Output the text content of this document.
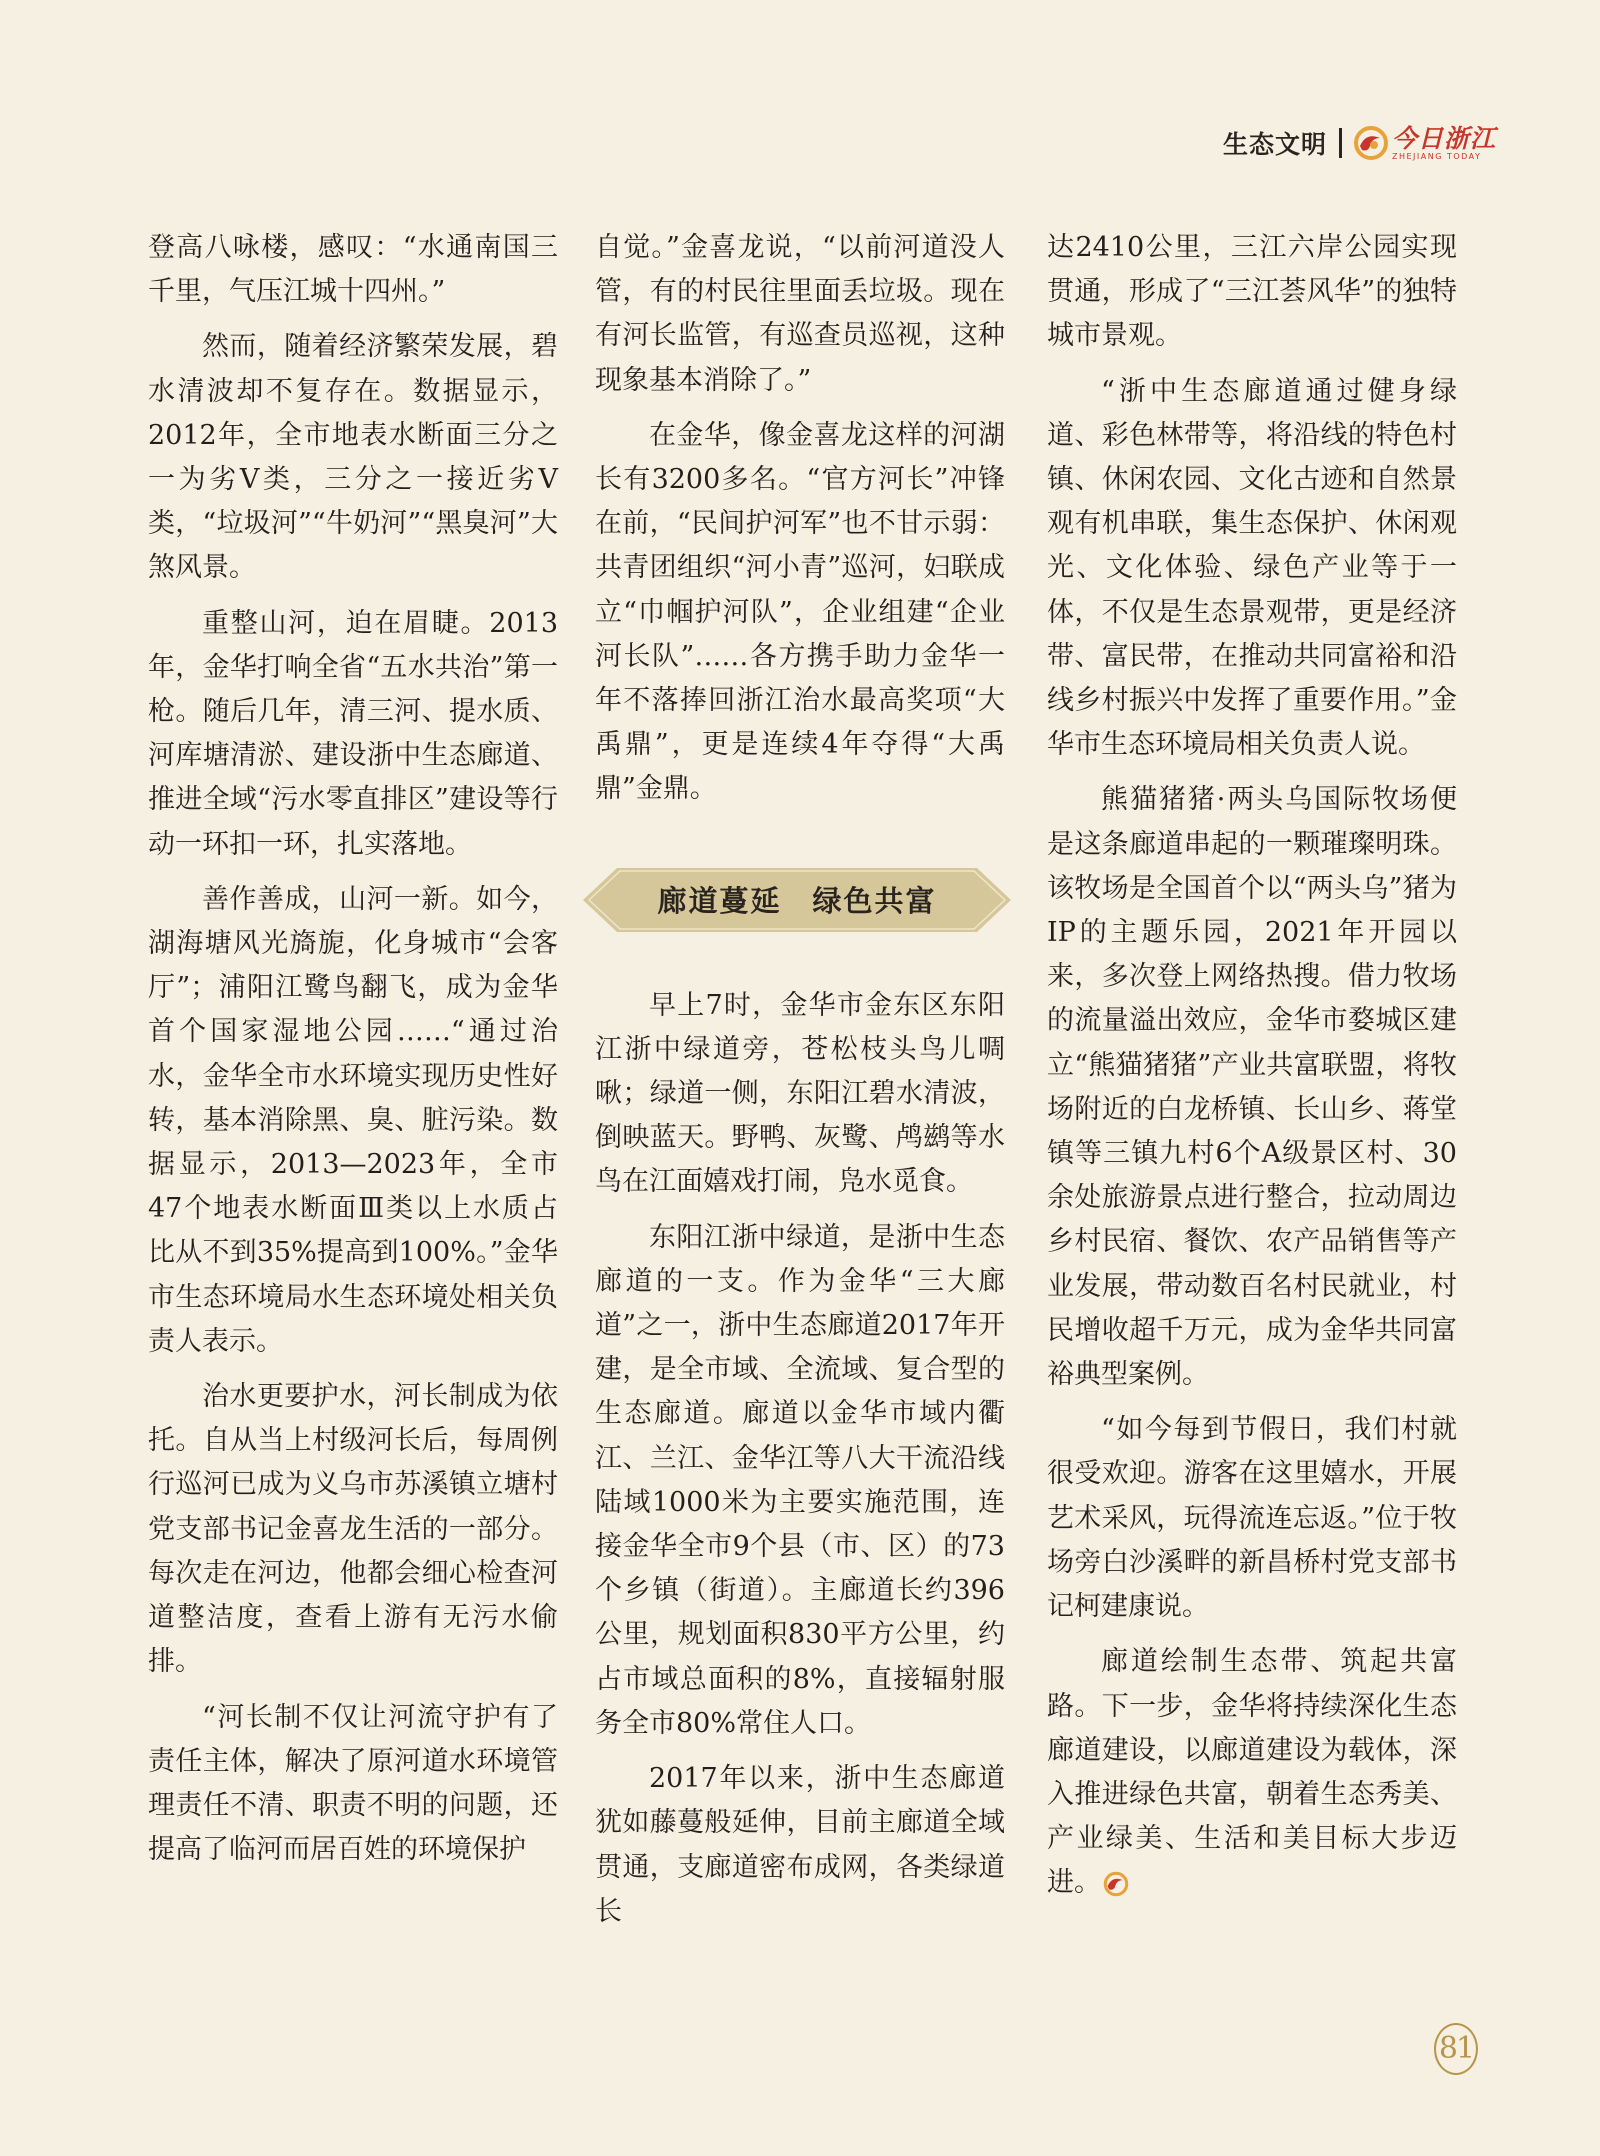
生态文明	今日浙江
ZHEJIANG TODAY

登高八咏楼，感叹：“水通南国三千里，气压江城十四州。”

然而，随着经济繁荣发展，碧水清波却不复存在。数据显示，2012年，全市地表水断面三分之一为劣Ⅴ类，三分之一接近劣Ⅴ类，“垃圾河”“牛奶河”“黑臭河”大煞风景。

重整山河，迫在眉睫。2013年，金华打响全省“五水共治”第一枪。随后几年，清三河、提水质、河库塘清淤、建设浙中生态廊道、推进全域“污水零直排区”建设等行动一环扣一环，扎实落地。

善作善成，山河一新。如今，湖海塘风光旖旎，化身城市“会客厅”；浦阳江鹭鸟翻飞，成为金华首个国家湿地公园……“通过治水，金华全市水环境实现历史性好转，基本消除黑、臭、脏污染。数据显示，2013—2023年，全市47个地表水断面Ⅲ类以上水质占比从不到35%提高到100%。”金华市生态环境局水生态环境处相关负责人表示。

治水更要护水，河长制成为依托。自从当上村级河长后，每周例行巡河已成为义乌市苏溪镇立塘村党支部书记金喜龙生活的一部分。每次走在河边，他都会细心检查河道整洁度，查看上游有无污水偷排。

“河长制不仅让河流守护有了责任主体，解决了原河道水环境管理责任不清、职责不明的问题，还提高了临河而居百姓的环境保护

自觉。”金喜龙说，“以前河道没人管，有的村民往里面丢垃圾。现在有河长监管，有巡查员巡视，这种现象基本消除了。”

在金华，像金喜龙这样的河湖长有3200多名。“官方河长”冲锋在前，“民间护河军”也不甘示弱：共青团组织“河小青”巡河，妇联成立“巾帼护河队”，企业组建“企业河长队”……各方携手助力金华一年不落捧回浙江治水最高奖项“大禹鼎”，更是连续4年夺得“大禹鼎”金鼎。

廊道蔓延　绿色共富

早上7时，金华市金东区东阳江浙中绿道旁，苍松枝头鸟儿啁啾；绿道一侧，东阳江碧水清波，倒映蓝天。野鸭、灰鹭、鸬鹚等水鸟在江面嬉戏打闹，凫水觅食。

东阳江浙中绿道，是浙中生态廊道的一支。作为金华“三大廊道”之一，浙中生态廊道2017年开建，是全市域、全流域、复合型的生态廊道。廊道以金华市域内衢江、兰江、金华江等八大干流沿线陆域1000米为主要实施范围，连接金华全市9个县（市、区）的73个乡镇（街道）。主廊道长约396公里，规划面积830平方公里，约占市域总面积的8%，直接辐射服务全市80%常住人口。

2017年以来，浙中生态廊道犹如藤蔓般延伸，目前主廊道全域贯通，支廊道密布成网，各类绿道长

达2410公里，三江六岸公园实现贯通，形成了“三江荟风华”的独特城市景观。

“浙中生态廊道通过健身绿道、彩色林带等，将沿线的特色村镇、休闲农园、文化古迹和自然景观有机串联，集生态保护、休闲观光、文化体验、绿色产业等于一体，不仅是生态景观带，更是经济带、富民带，在推动共同富裕和沿线乡村振兴中发挥了重要作用。”金华市生态环境局相关负责人说。

熊猫猪猪·两头乌国际牧场便是这条廊道串起的一颗璀璨明珠。该牧场是全国首个以“两头乌”猪为IP的主题乐园，2021年开园以来，多次登上网络热搜。借力牧场的流量溢出效应，金华市婺城区建立“熊猫猪猪”产业共富联盟，将牧场附近的白龙桥镇、长山乡、蒋堂镇等三镇九村6个A级景区村、30余处旅游景点进行整合，拉动周边乡村民宿、餐饮、农产品销售等产业发展，带动数百名村民就业，村民增收超千万元，成为金华共同富裕典型案例。

“如今每到节假日，我们村就很受欢迎。游客在这里嬉水，开展艺术采风，玩得流连忘返。”位于牧场旁白沙溪畔的新昌桥村党支部书记柯建康说。

廊道绘制生态带、筑起共富路。下一步，金华将持续深化生态廊道建设，以廊道建设为载体，深入推进绿色共富，朝着生态秀美、产业绿美、生活和美目标大步迈进。

81
